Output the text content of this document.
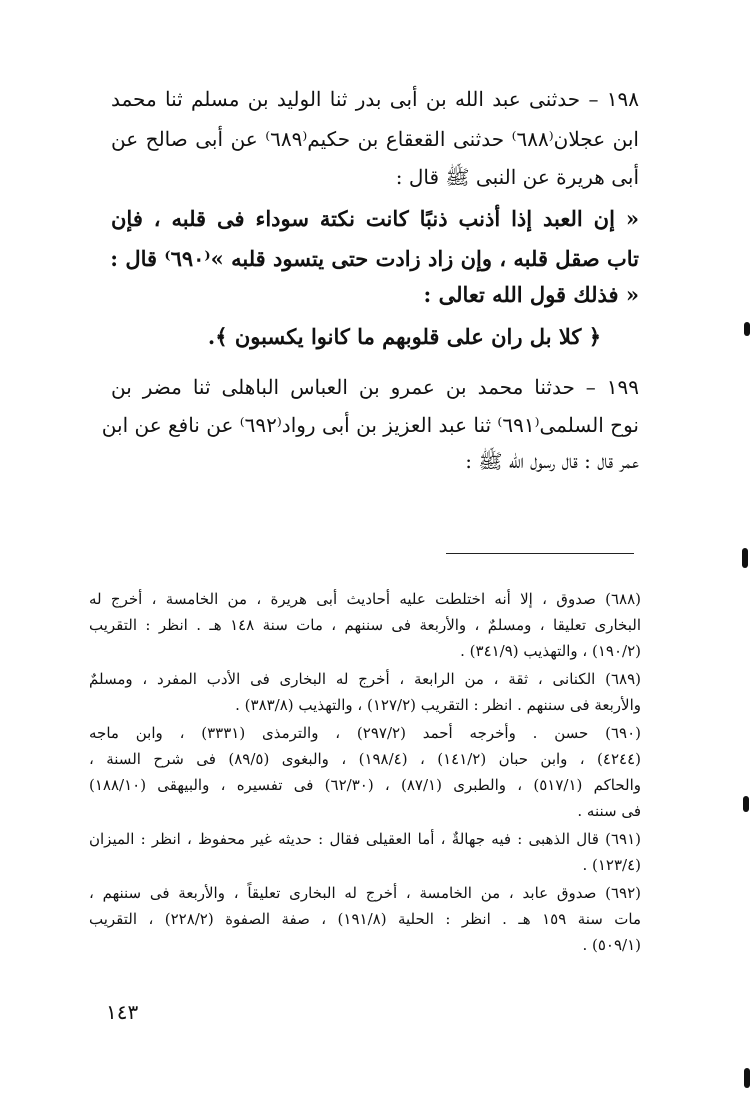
١٩٨ – حدثنى عبد الله بن أبى بدر ثنا الوليد بن مسلم ثنا محمد
ابن عجلان⁽٦٨٨⁾ حدثنى القعقاع بن حكيم⁽٦٨٩⁾ عن أبى صالح عن
أبى هريرة عن النبى ﷺ قال :
« إن العبد إذا أذنب ذنبًا كانت نكتة سوداء فى قلبه ، فإن
تاب صقل قلبه ، وإن زاد زادت حتى يتسود قلبه »⁽٦٩٠⁾ قال :
« فذلك قول الله تعالى :
﴿ كلا بل ران على قلوبهم ما كانوا يكسبون ﴾.
١٩٩ – حدثنا محمد بن عمرو بن العباس الباهلى ثنا مضر بن
نوح السلمى⁽٦٩١⁾ ثنا عبد العزيز بن أبى رواد⁽٦٩٢⁾ عن نافع عن ابن
عمر قال : قال رسول الله ﷺ :
(٦٨٨) صدوق ، إلا أنه اختلطت عليه أحاديث أبى هريرة ، من الخامسة ، أخرج له
البخارى تعليقا ، ومسلمٌ ، والأربعة فى سننهم ، مات سنة ١٤٨ هـ . انظر : التقريب
(١٩٠/٢) ، والتهذيب (٣٤١/٩) .
(٦٨٩) الكنانى ، ثقة ، من الرابعة ، أخرج له البخارى فى الأدب المفرد ، ومسلمٌ
والأربعة فى سننهم . انظر : التقريب (١٢٧/٢) ، والتهذيب (٣٨٣/٨) .
(٦٩٠) حسن . وأخرجه أحمد (٢٩٧/٢) ، والترمذى (٣٣٣١) ، وابن ماجه
(٤٢٤٤) ، وابن حبان (١٤١/٢) ، (١٩٨/٤) ، والبغوى (٨٩/٥) فى شرح السنة ،
والحاكم (٥١٧/١) ، والطبرى (٨٧/١) ، (٦٢/٣٠) فى تفسيره ، والبيهقى (١٨٨/١٠)
فى سننه .
(٦٩١) قال الذهبى : فيه جهالةٌ ، أما العقيلى فقال : حديثه غير محفوظ ، انظر : الميزان
(١٢٣/٤) .
(٦٩٢) صدوق عابد ، من الخامسة ، أخرج له البخارى تعليقاً ، والأربعة فى سننهم ،
مات سنة ١٥٩ هـ . انظر : الحلية (١٩١/٨) ، صفة الصفوة (٢٢٨/٢) ، التقريب
(٥٠٩/١) .
١٤٣
